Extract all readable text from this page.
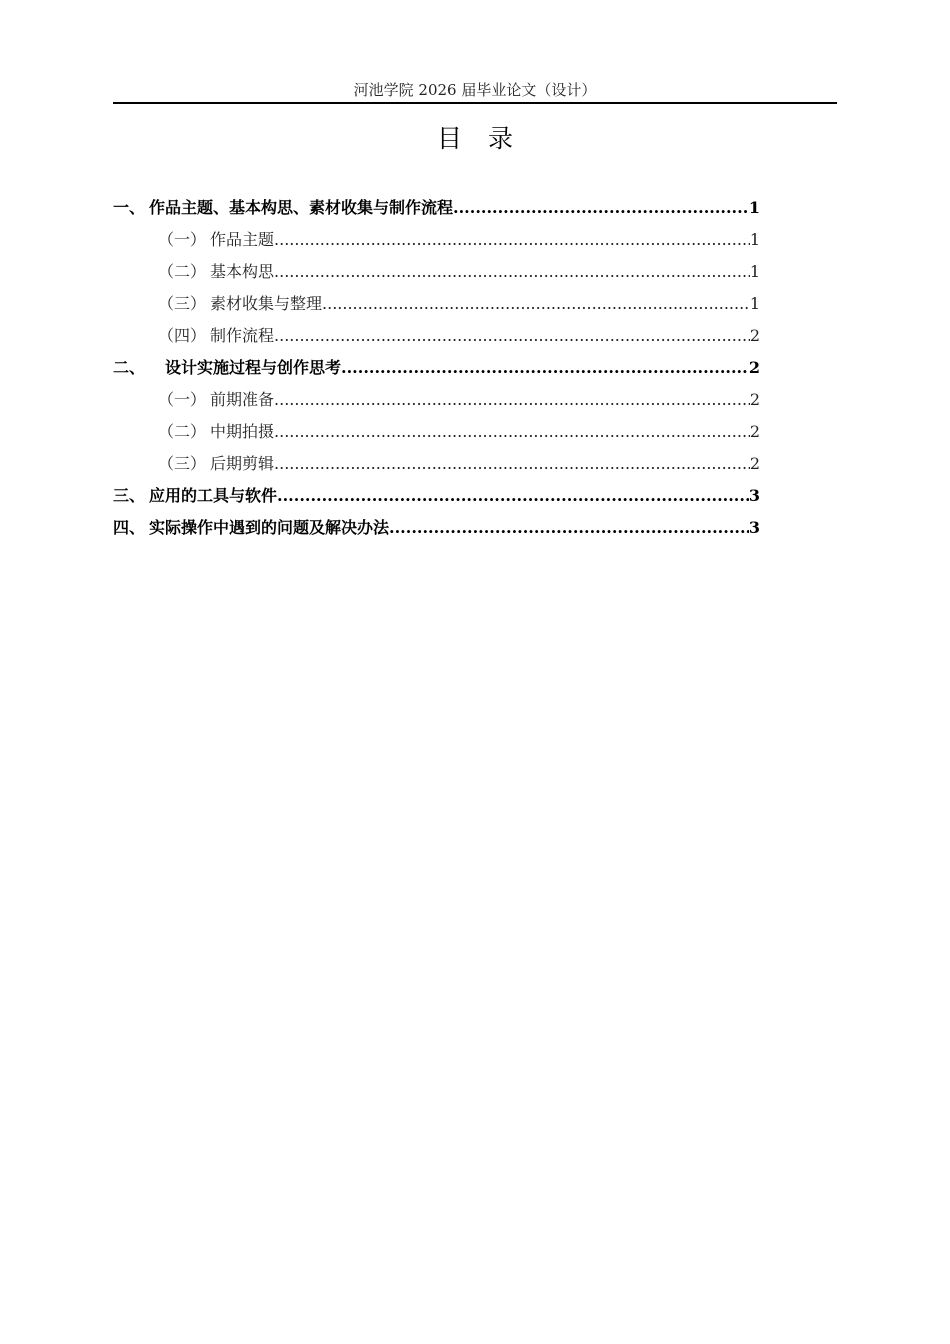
河池学院 2026 届毕业论文（设计）
目 录
一、 作品主题、基本构思、素材收集与制作流程 .....	1
（一） 作品主题 .....	1
（二） 基本构思 .....	1
（三） 素材收集与整理 .....	1
（四） 制作流程 .....	2
二、 设计实施过程与创作思考 .....	2
（一） 前期准备 .....	2
（二） 中期拍摄 .....	2
（三） 后期剪辑 .....	2
三、 应用的工具与软件 .....	3
四、 实际操作中遇到的问题及解决办法 .....	3
